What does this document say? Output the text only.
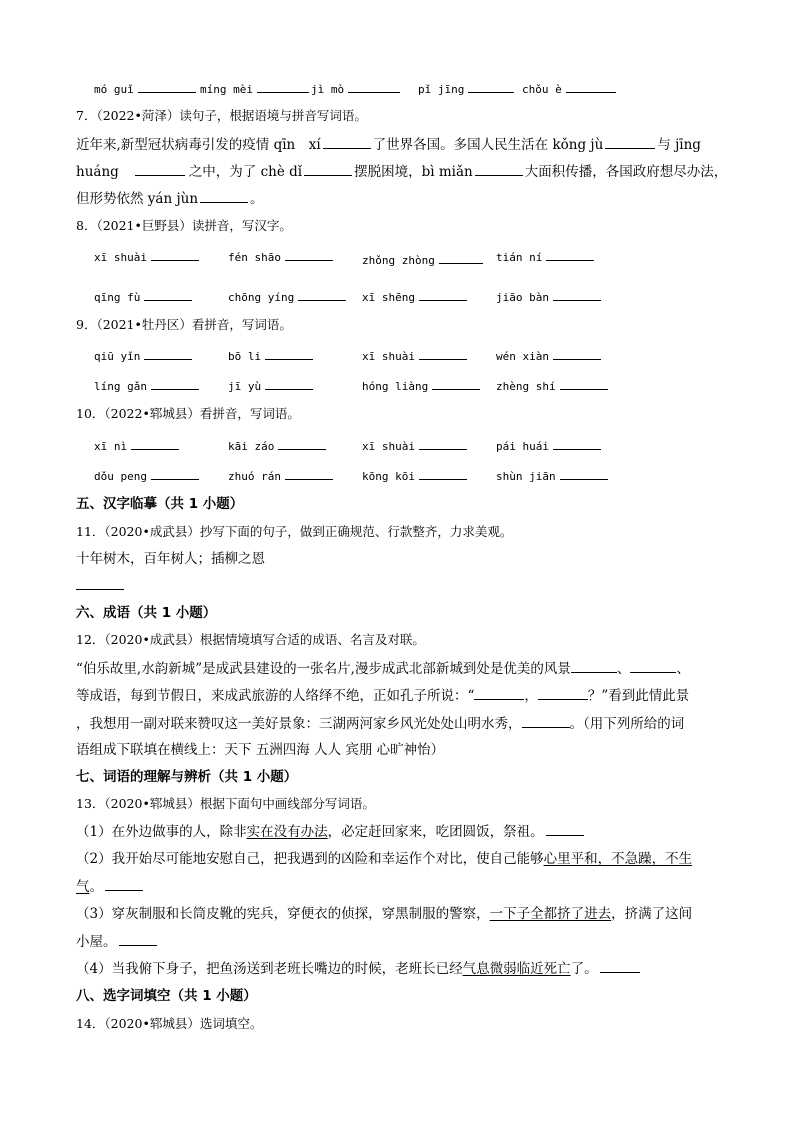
mó guǐ	míng mèi	jì mò	pǐ jīng	chǒu è
7．（2022•菏泽）读句子，根据语境与拼音写词语。
近年来,新型冠状病毒引发的疫情 qīn　xí	了世界各国。多国人民生活在 kǒng jù	与 jīng
huáng	之中，为了 chè dǐ	摆脱困境，bì miǎn	大面积传播，各国政府想尽办法，
但形势依然 yán jùn	。
8．（2021•巨野县）读拼音，写汉字。
xī shuài	fén shāo	zhǒng zhòng	tián ní
qīng fù	chōng yíng	xī shēng	jiāo bàn
9．（2021•牡丹区）看拼音，写词语。
qiū yǐn	bō li	xī shuài	wén xiàn
líng gǎn	jī yù	hóng liàng	zhèng shí
10．（2022•郓城县）看拼音，写词语。
xī nì	kāi záo	xī shuài	pái huái
dǒu peng	zhuó rán	kōng kōi	shùn jiān
五、汉字临摹（共 1 小题）
11．（2020•成武县）抄写下面的句子，做到正确规范、行款整齐，力求美观。
十年树木，百年树人；插柳之恩
六、成语（共 1 小题）
12．（2020•成武县）根据情境填写合适的成语、名言及对联。
“伯乐故里,水韵新城”是成武县建设的一张名片,漫步成武北部新城到处是优美的风景	、	、
等成语，每到节假日，来成武旅游的人络绎不绝，正如孔子所说：“	，	？”看到此情此景
，我想用一副对联来赞叹这一美好景象：三湖两河家乡风光处处山明水秀，	。（用下列所给的词
语组成下联填在横线上：天下 五洲四海 人人 宾朋 心旷神怡）
七、词语的理解与辨析（共 1 小题）
13．（2020•郓城县）根据下面句中画线部分写词语。
（1）在外边做事的人，除非实在没有办法，必定赶回家来，吃团圆饭，祭祖。
（2）我开始尽可能地安慰自己，把我遇到的凶险和幸运作个对比，使自己能够心里平和，不急躁，不生
气。
（3）穿灰制服和长筒皮靴的宪兵，穿便衣的侦探，穿黑制服的警察，一下子全都挤了进去，挤满了这间
小屋。
（4）当我俯下身子，把鱼汤送到老班长嘴边的时候，老班长已经气息微弱临近死亡了。
八、选字词填空（共 1 小题）
14．（2020•郓城县）选词填空。
